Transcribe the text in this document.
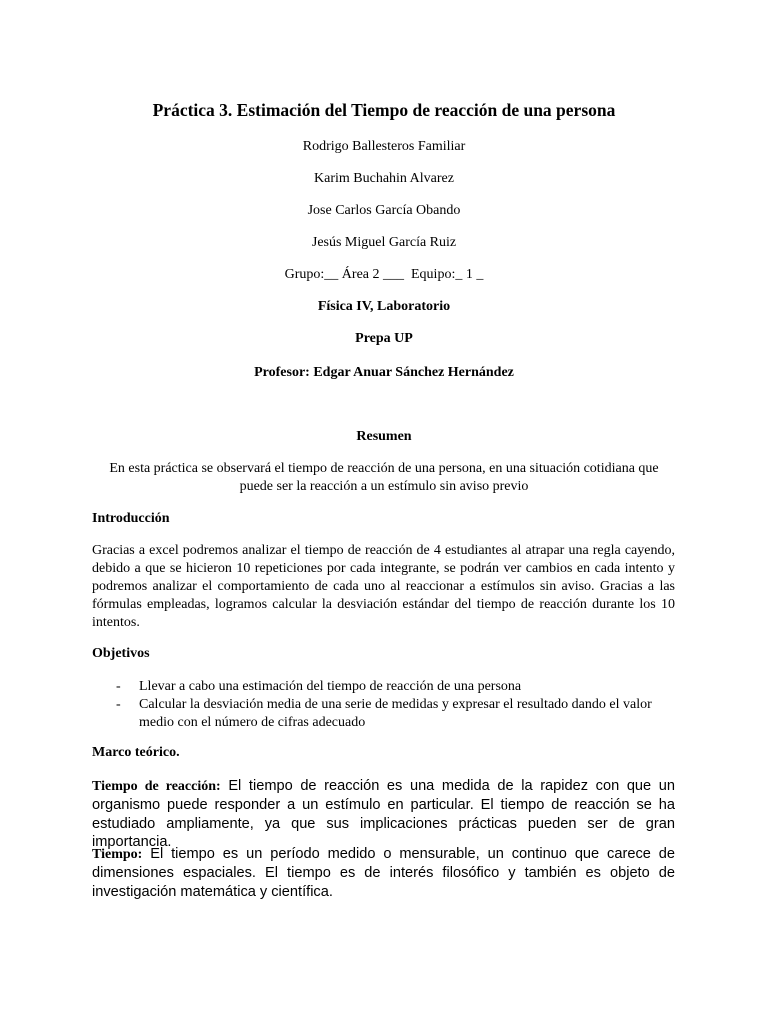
Práctica 3. Estimación del Tiempo de reacción de una persona
Rodrigo Ballesteros Familiar
Karim Buchahin Alvarez
Jose Carlos García Obando
Jesús Miguel García Ruiz
Grupo:__ Área 2 ___  Equipo:_ 1 _
Física IV, Laboratorio
Prepa UP
Profesor: Edgar Anuar Sánchez Hernández
Resumen
En esta práctica se observará el tiempo de reacción de una persona, en una situación cotidiana que
puede ser la reacción a un estímulo sin aviso previo
Introducción
Gracias a excel podremos analizar el tiempo de reacción de 4 estudiantes al atrapar una regla cayendo, debido a que se hicieron 10 repeticiones por cada integrante, se podrán ver cambios en cada intento y podremos analizar el comportamiento de cada uno al reaccionar a estímulos sin aviso. Gracias a las fórmulas empleadas, logramos calcular la desviación estándar del tiempo de reacción durante los 10 intentos.
Objetivos
- Llevar a cabo una estimación del tiempo de reacción de una persona
- Calcular la desviación media de una serie de medidas y expresar el resultado dando el valor medio con el número de cifras adecuado
Marco teórico.
Tiempo de reacción: El tiempo de reacción es una medida de la rapidez con que un organismo puede responder a un estímulo en particular. El tiempo de reacción se ha estudiado ampliamente, ya que sus implicaciones prácticas pueden ser de gran importancia.
Tiempo: El tiempo es un período medido o mensurable, un continuo que carece de dimensiones espaciales. El tiempo es de interés filosófico y también es objeto de investigación matemática y científica.
